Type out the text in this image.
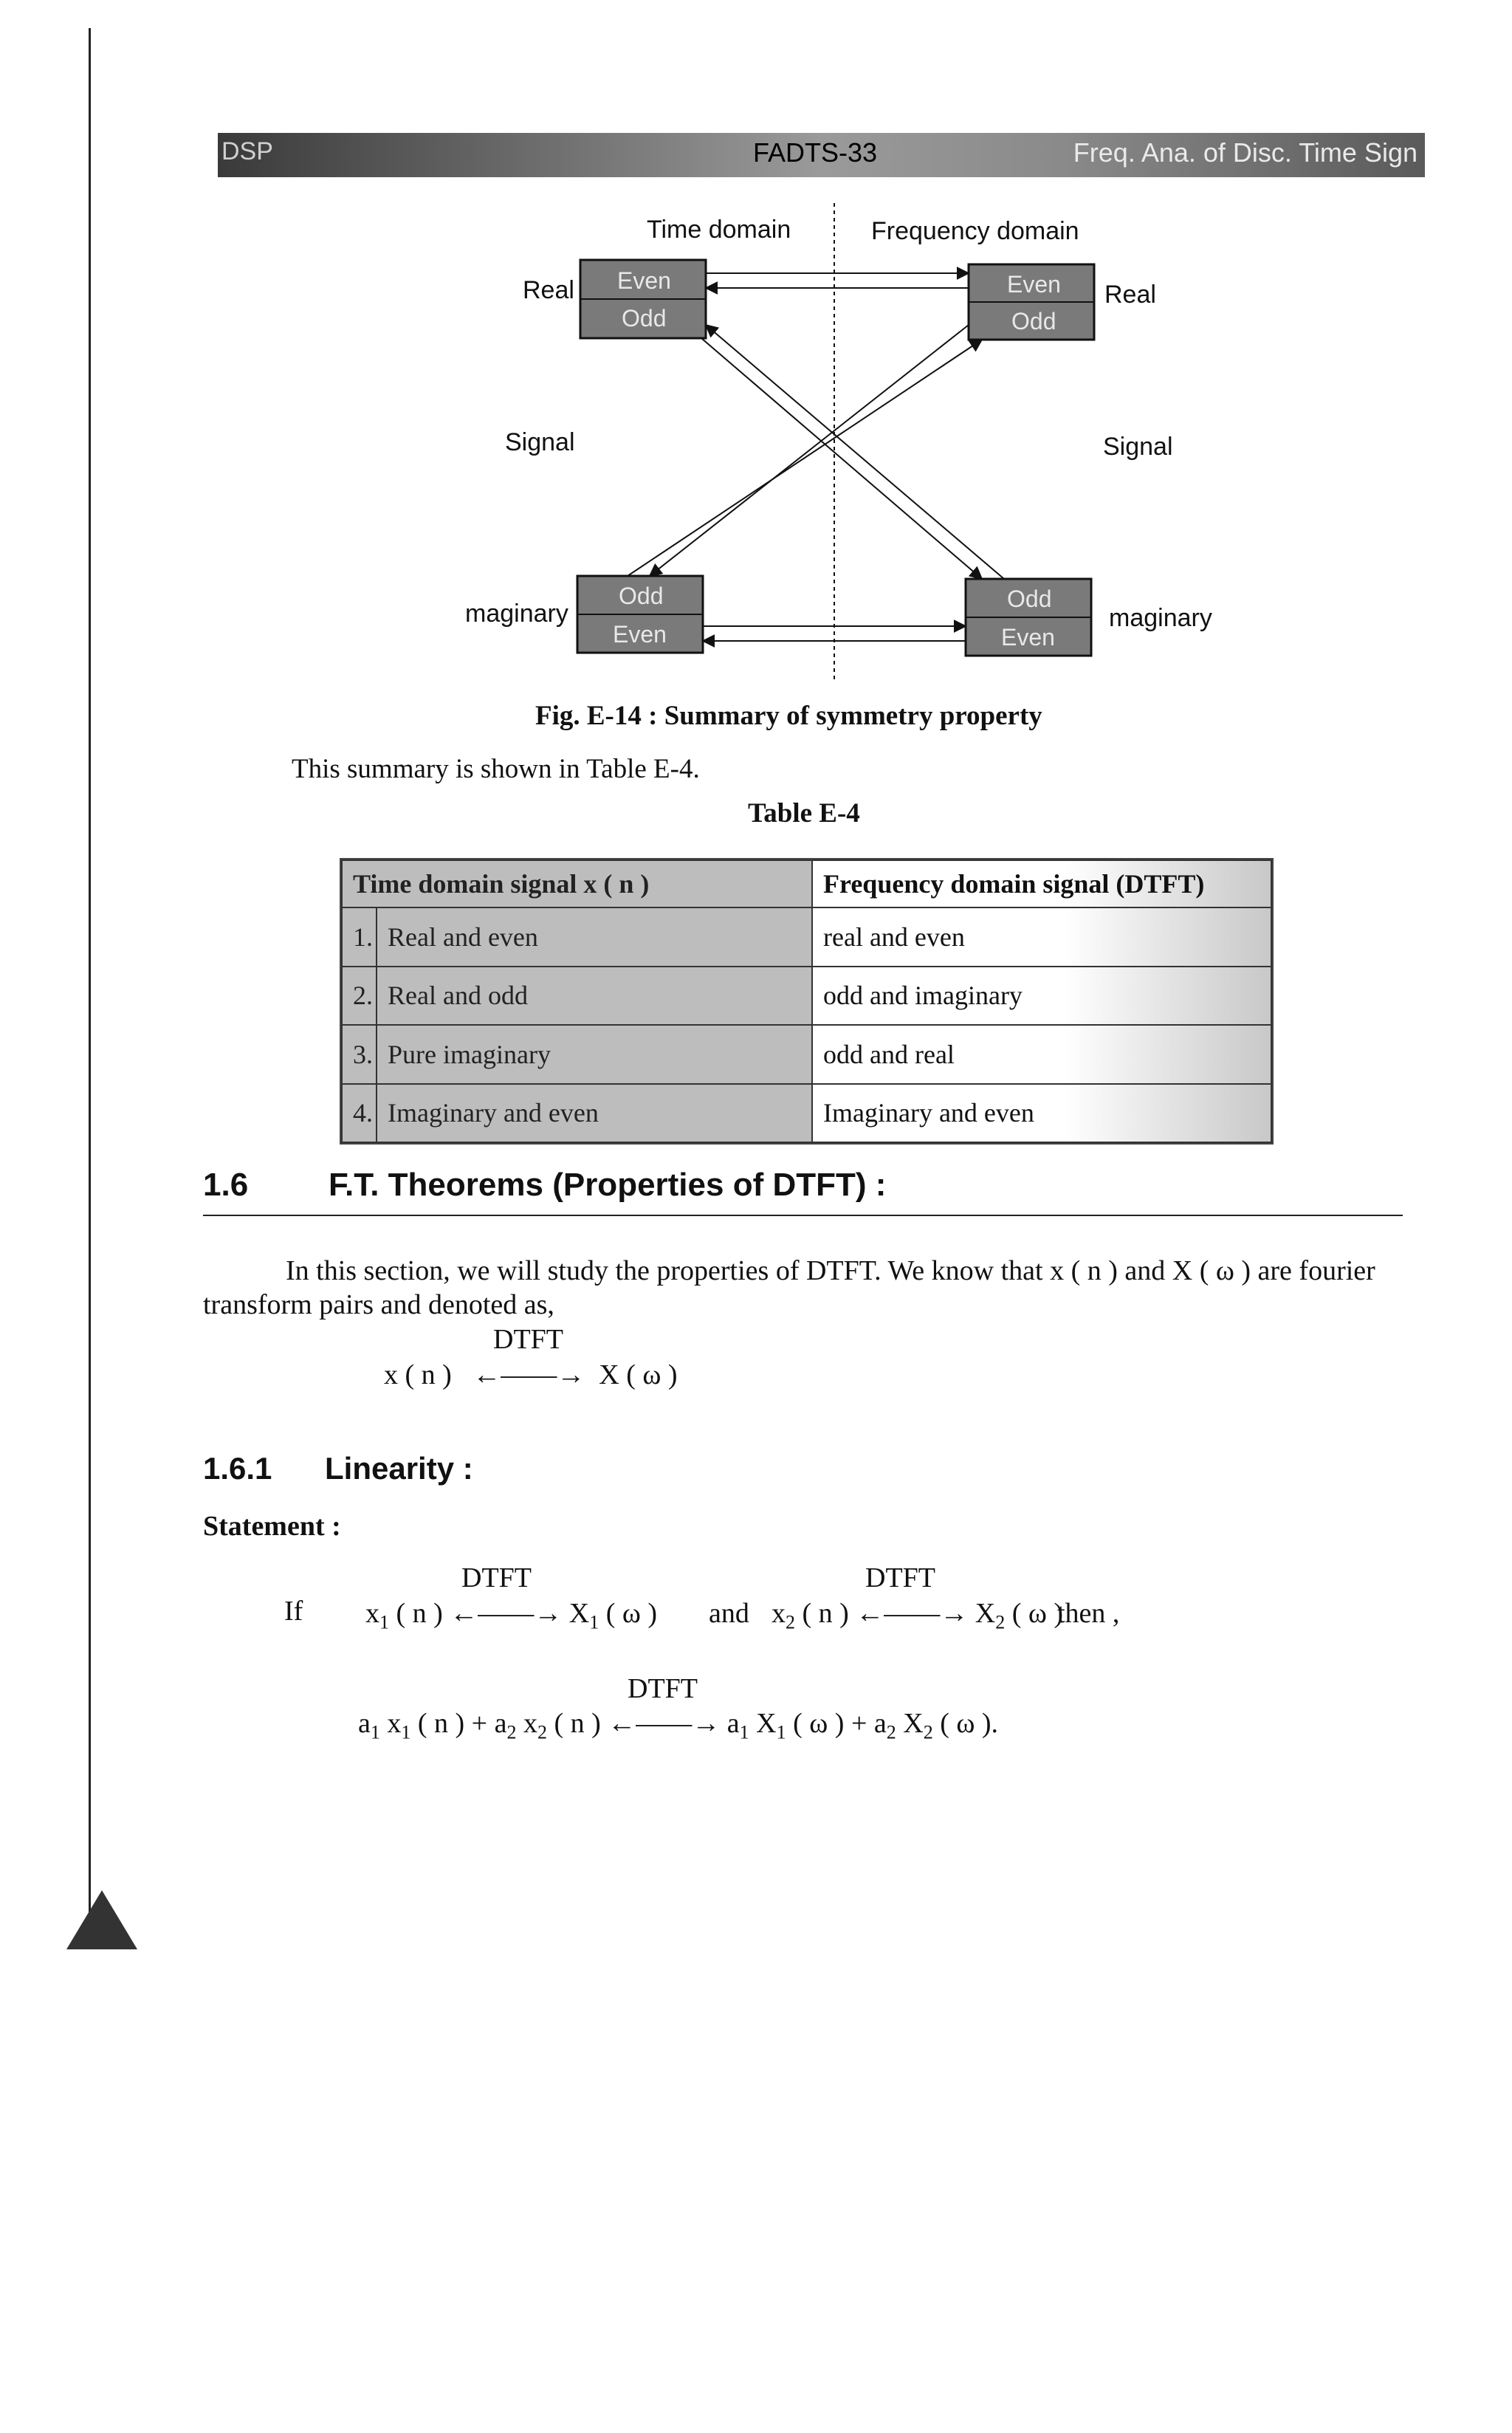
DSP	FADTS-33	Freq. Ana. of Disc. Time Sign
Time domain	Frequency domain
Real	Real
Signal	Signal
maginary	maginary
Even
Odd
Even
Odd
Odd
Even
Odd
Even
Fig. E-14 : Summary of symmetry property
This summary is shown in Table E-4.
Table E-4
Time domain signal x ( n )		Frequency domain signal (DTFT)
1.	Real and even	real and even
2.	Real and odd	odd and imaginary
3.	Pure imaginary	odd and real
4.	Imaginary and even	Imaginary and even
1.6 F.T. Theorems (Properties of DTFT) :
In this section, we will study the properties of DTFT. We know that x ( n ) and X ( ω ) are fourier transform pairs and denoted as,
DTFT
x ( n )   ←——→  X ( ω )
1.6.1 Linearity :
Statement :
If
DTFT
$x_1$ ( n ) ←——→ $X_1$ ( ω ) and
DTFT
$x_2$ ( n ) ←——→ $X_2$ ( ω )
then ,
DTFT
$a_1$ $x_1$ ( n ) + $a_2$ $x_2$ ( n ) ←——→ $a_1$ $X_1$ ( ω ) + $a_2$ $X_2$ ( ω ).
